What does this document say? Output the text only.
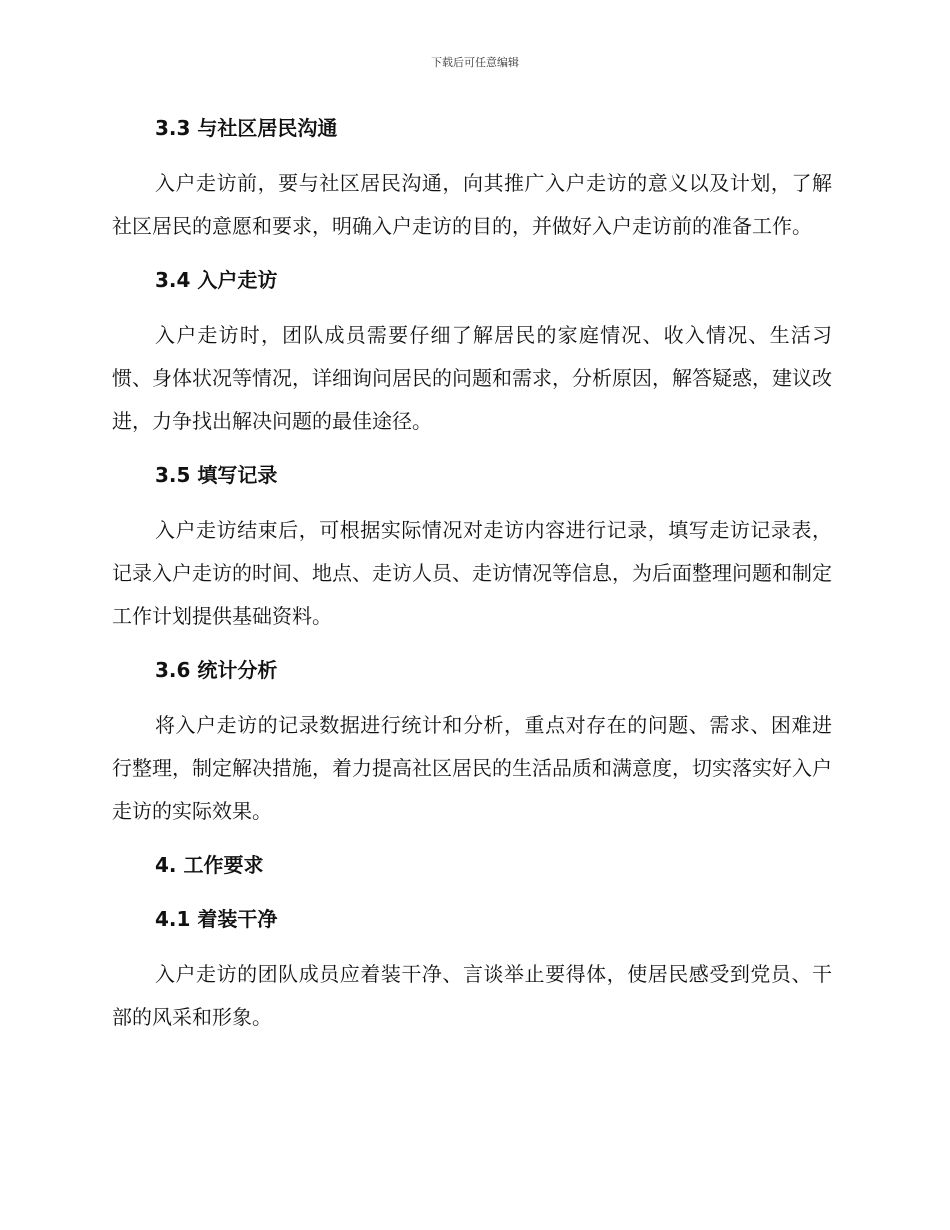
下载后可任意编辑
3.3 与社区居民沟通

入户走访前，要与社区居民沟通，向其推广入户走访的意义以及计划，了解社区居民的意愿和要求，明确入户走访的目的，并做好入户走访前的准备工作。

3.4 入户走访

入户走访时，团队成员需要仔细了解居民的家庭情况、收入情况、生活习惯、身体状况等情况，详细询问居民的问题和需求，分析原因，解答疑惑，建议改进，力争找出解决问题的最佳途径。

3.5 填写记录

入户走访结束后，可根据实际情况对走访内容进行记录，填写走访记录表，记录入户走访的时间、地点、走访人员、走访情况等信息，为后面整理问题和制定工作计划提供基础资料。

3.6 统计分析

将入户走访的记录数据进行统计和分析，重点对存在的问题、需求、困难进行整理，制定解决措施，着力提高社区居民的生活品质和满意度，切实落实好入户走访的实际效果。

4. 工作要求
4.1 着装干净

入户走访的团队成员应着装干净、言谈举止要得体，使居民感受到党员、干部的风采和形象。
